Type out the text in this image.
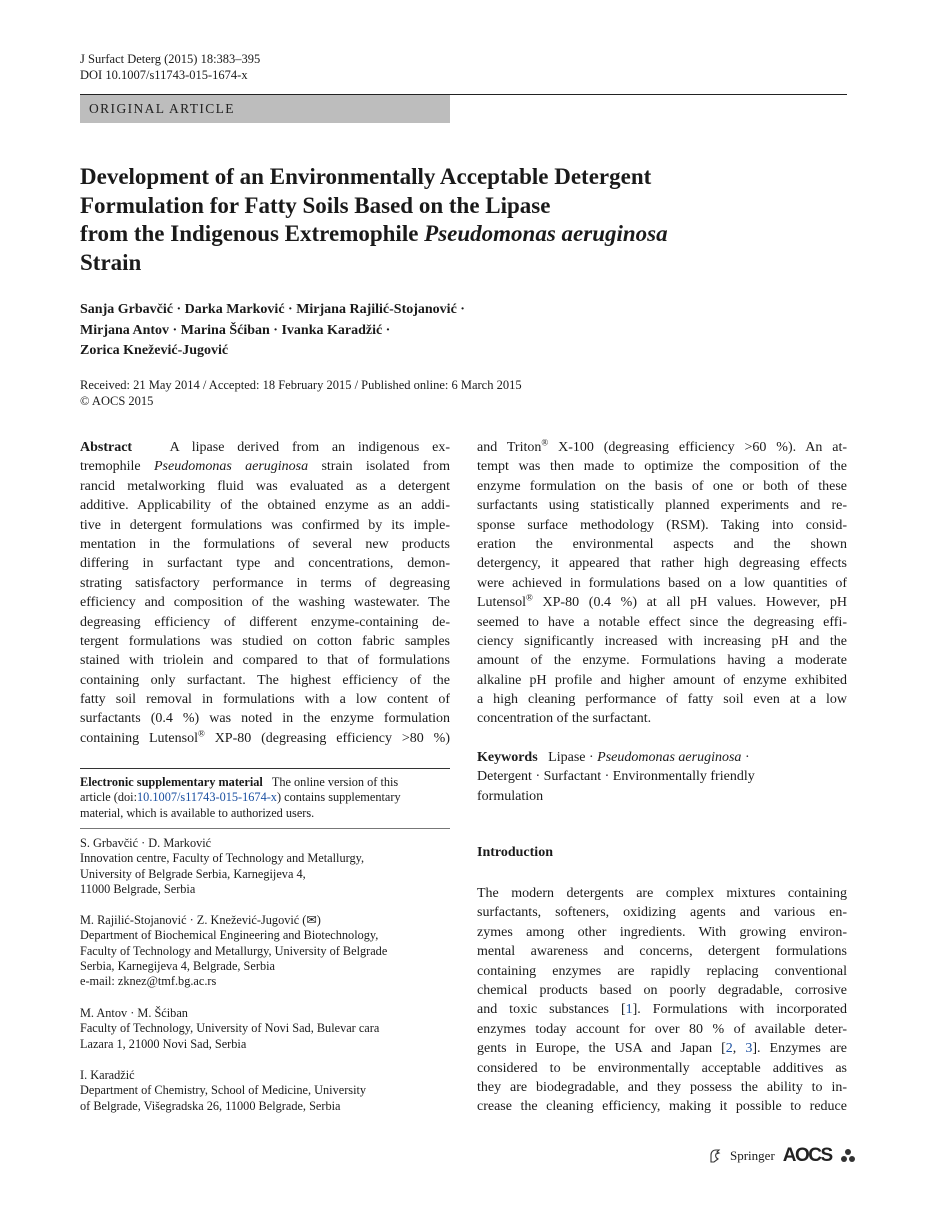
J Surfact Deterg (2015) 18:383–395
DOI 10.1007/s11743-015-1674-x
ORIGINAL ARTICLE
Development of an Environmentally Acceptable Detergent
Formulation for Fatty Soils Based on the Lipase
from the Indigenous Extremophile Pseudomonas aeruginosa
Strain
Sanja Grbavčić · Darka Marković · Mirjana Rajilić-Stojanović ·
Mirjana Antov · Marina Šćiban · Ivanka Karadžić ·
Zorica Knežević-Jugović
Received: 21 May 2014 / Accepted: 18 February 2015 / Published online: 6 March 2015
© AOCS 2015
Abstract	A lipase derived from an indigenous ex-
tremophile Pseudomonas aeruginosa strain isolated from
rancid metalworking fluid was evaluated as a detergent
additive. Applicability of the obtained enzyme as an addi-
tive in detergent formulations was confirmed by its imple-
mentation in the formulations of several new products
differing in surfactant type and concentrations, demon-
strating satisfactory performance in terms of degreasing
efficiency and composition of the washing wastewater. The
degreasing efficiency of different enzyme-containing de-
tergent formulations was studied on cotton fabric samples
stained with triolein and compared to that of formulations
containing only surfactant. The highest efficiency of the
fatty soil removal in formulations with a low content of
surfactants (0.4 %) was noted in the enzyme formulation
containing Lutensol® XP-80 (degreasing efficiency >80 %)
and Triton® X-100 (degreasing efficiency >60 %). An at-
tempt was then made to optimize the composition of the
enzyme formulation on the basis of one or both of these
surfactants using statistically planned experiments and re-
sponse surface methodology (RSM). Taking into consid-
eration the environmental aspects and the shown
detergency, it appeared that rather high degreasing effects
were achieved in formulations based on a low quantities of
Lutensol® XP-80 (0.4 %) at all pH values. However, pH
seemed to have a notable effect since the degreasing effi-
ciency significantly increased with increasing pH and the
amount of the enzyme. Formulations having a moderate
alkaline pH profile and higher amount of enzyme exhibited
a high cleaning performance of fatty soil even at a low
concentration of the surfactant.
Keywords Lipase · Pseudomonas aeruginosa ·
Detergent · Surfactant · Environmentally friendly
formulation
Electronic supplementary material The online version of this
article (doi:10.1007/s11743-015-1674-x) contains supplementary
material, which is available to authorized users.
S. Grbavčić · D. Marković
Innovation centre, Faculty of Technology and Metallurgy,
University of Belgrade Serbia, Karnegijeva 4,
11000 Belgrade, Serbia
M. Rajilić-Stojanović · Z. Knežević-Jugović (✉)
Department of Biochemical Engineering and Biotechnology,
Faculty of Technology and Metallurgy, University of Belgrade
Serbia, Karnegijeva 4, Belgrade, Serbia
e-mail: zknez@tmf.bg.ac.rs
M. Antov · M. Šćiban
Faculty of Technology, University of Novi Sad, Bulevar cara
Lazara 1, 21000 Novi Sad, Serbia
I. Karadžić
Department of Chemistry, School of Medicine, University
of Belgrade, Višegradska 26, 11000 Belgrade, Serbia
Introduction
The modern detergents are complex mixtures containing
surfactants, softeners, oxidizing agents and various en-
zymes among other ingredients. With growing environ-
mental awareness and concerns, detergent formulations
containing enzymes are rapidly replacing conventional
chemical products based on poorly degradable, corrosive
and toxic substances [1]. Formulations with incorporated
enzymes today account for over 80 % of available deter-
gents in Europe, the USA and Japan [2, 3]. Enzymes are
considered to be environmentally acceptable additives as
they are biodegradable, and they possess the ability to in-
crease the cleaning efficiency, making it possible to reduce
Springer AOCS
